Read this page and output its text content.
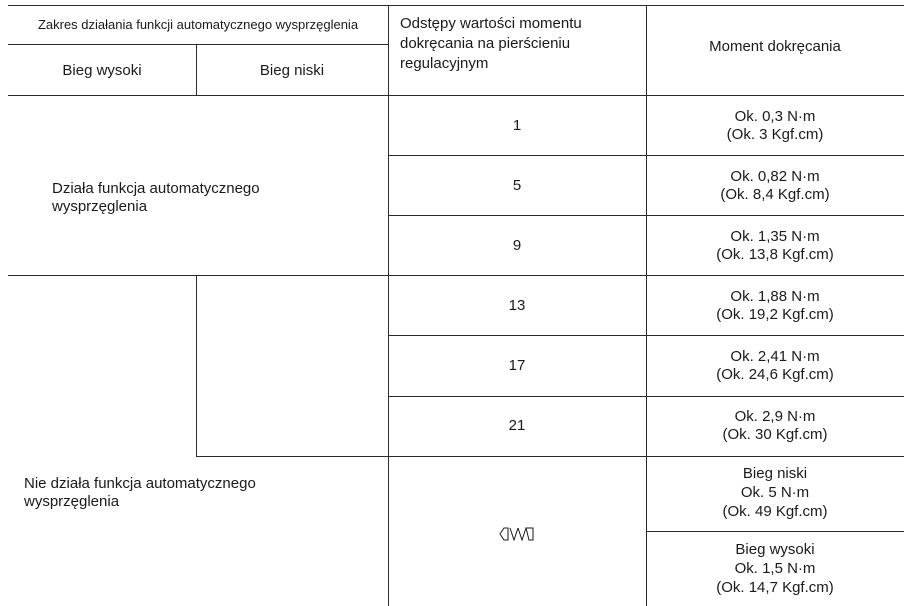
Zakres działania funkcji automatycznego wysprzęglenia
Bieg wysoki	Bieg niski
Odstępy wartości momentu dokręcania na pierścieniu regulacyjnym
Moment dokręcania
Działa funkcja automatycznego wysprzęglenia
Nie działa funkcja automatycznego wysprzęglenia
1
5
9
13
17
21
Ok. 0,3 N·m
(Ok. 3 Kgf.cm)
Ok. 0,82 N·m
(Ok. 8,4 Kgf.cm)
Ok. 1,35 N·m
(Ok. 13,8 Kgf.cm)
Ok. 1,88 N·m
(Ok. 19,2 Kgf.cm)
Ok. 2,41 N·m
(Ok. 24,6 Kgf.cm)
Ok. 2,9 N·m
(Ok. 30 Kgf.cm)
Bieg niski
Ok. 5 N·m
(Ok. 49 Kgf.cm)
Bieg wysoki
Ok. 1,5 N·m
(Ok. 14,7 Kgf.cm)
